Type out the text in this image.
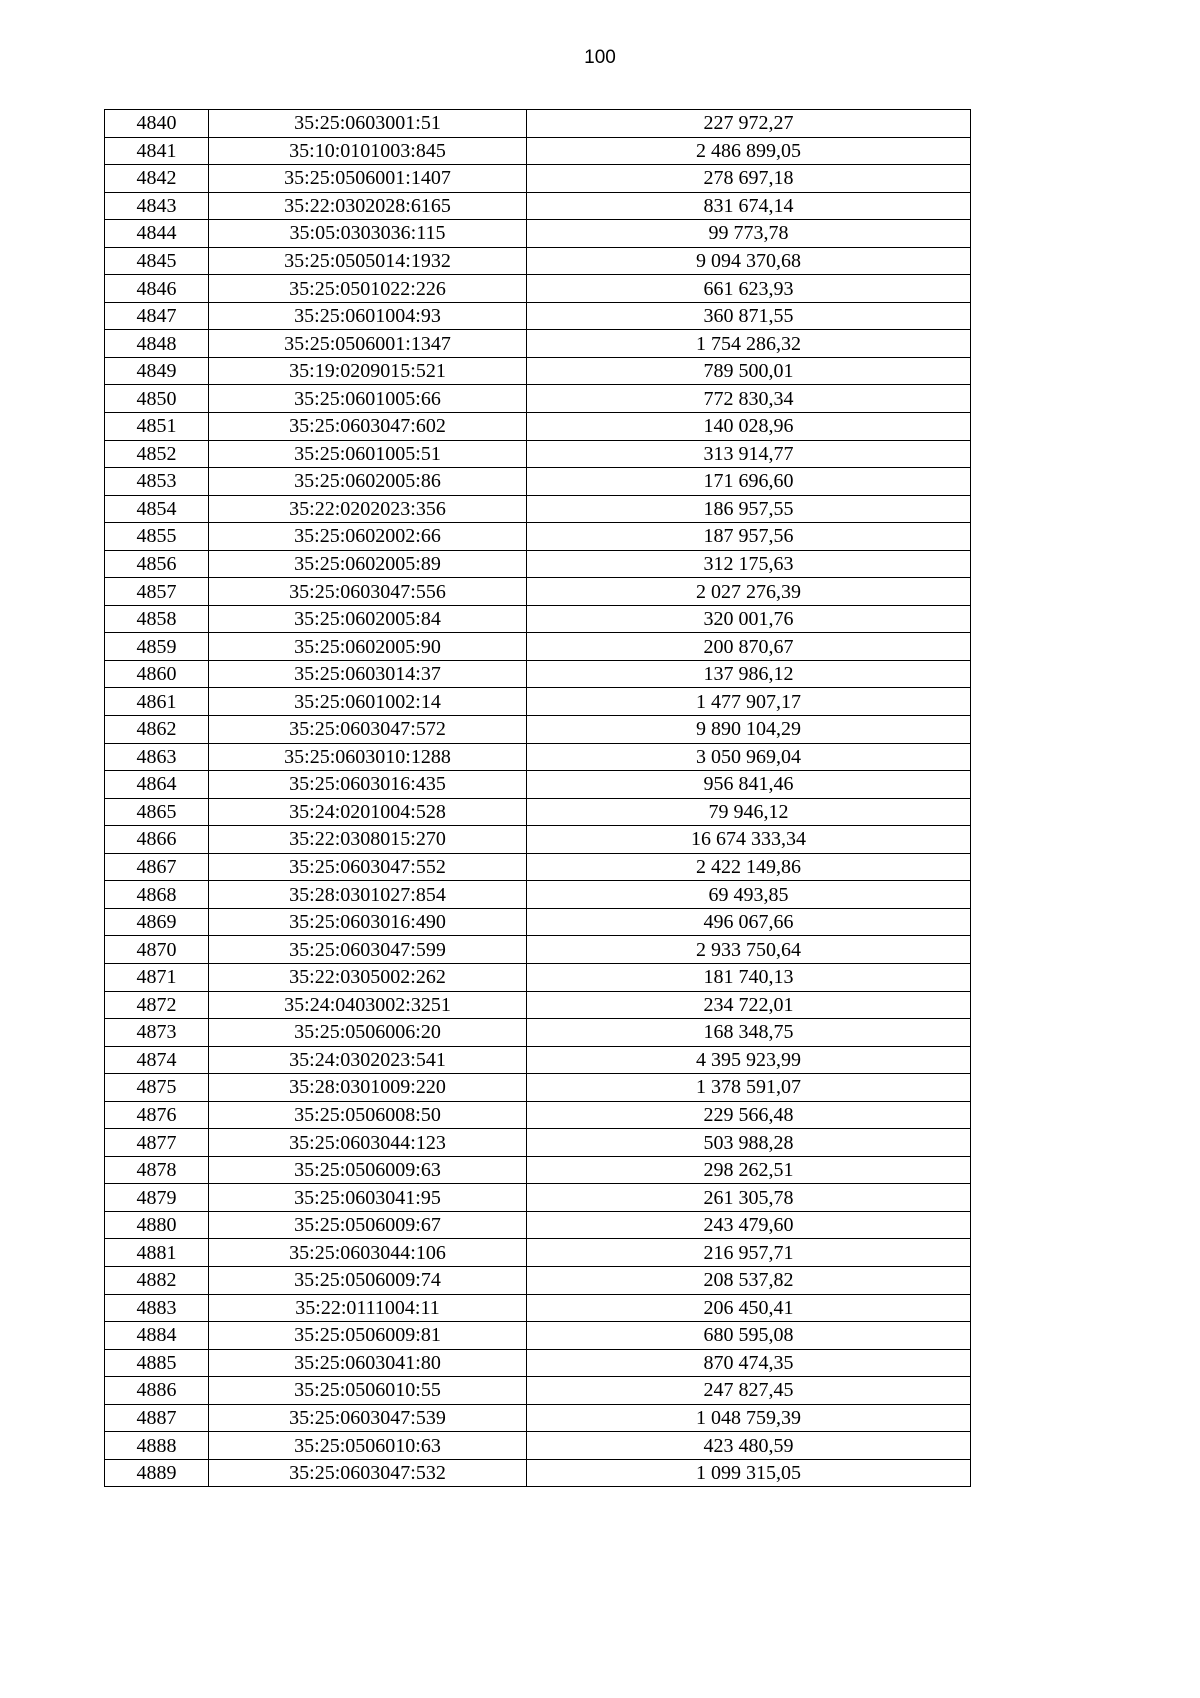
100
4840	35:25:0603001:51	227 972,27
4841	35:10:0101003:845	2 486 899,05
4842	35:25:0506001:1407	278 697,18
4843	35:22:0302028:6165	831 674,14
4844	35:05:0303036:115	99 773,78
4845	35:25:0505014:1932	9 094 370,68
4846	35:25:0501022:226	661 623,93
4847	35:25:0601004:93	360 871,55
4848	35:25:0506001:1347	1 754 286,32
4849	35:19:0209015:521	789 500,01
4850	35:25:0601005:66	772 830,34
4851	35:25:0603047:602	140 028,96
4852	35:25:0601005:51	313 914,77
4853	35:25:0602005:86	171 696,60
4854	35:22:0202023:356	186 957,55
4855	35:25:0602002:66	187 957,56
4856	35:25:0602005:89	312 175,63
4857	35:25:0603047:556	2 027 276,39
4858	35:25:0602005:84	320 001,76
4859	35:25:0602005:90	200 870,67
4860	35:25:0603014:37	137 986,12
4861	35:25:0601002:14	1 477 907,17
4862	35:25:0603047:572	9 890 104,29
4863	35:25:0603010:1288	3 050 969,04
4864	35:25:0603016:435	956 841,46
4865	35:24:0201004:528	79 946,12
4866	35:22:0308015:270	16 674 333,34
4867	35:25:0603047:552	2 422 149,86
4868	35:28:0301027:854	69 493,85
4869	35:25:0603016:490	496 067,66
4870	35:25:0603047:599	2 933 750,64
4871	35:22:0305002:262	181 740,13
4872	35:24:0403002:3251	234 722,01
4873	35:25:0506006:20	168 348,75
4874	35:24:0302023:541	4 395 923,99
4875	35:28:0301009:220	1 378 591,07
4876	35:25:0506008:50	229 566,48
4877	35:25:0603044:123	503 988,28
4878	35:25:0506009:63	298 262,51
4879	35:25:0603041:95	261 305,78
4880	35:25:0506009:67	243 479,60
4881	35:25:0603044:106	216 957,71
4882	35:25:0506009:74	208 537,82
4883	35:22:0111004:11	206 450,41
4884	35:25:0506009:81	680 595,08
4885	35:25:0603041:80	870 474,35
4886	35:25:0506010:55	247 827,45
4887	35:25:0603047:539	1 048 759,39
4888	35:25:0506010:63	423 480,59
4889	35:25:0603047:532	1 099 315,05
